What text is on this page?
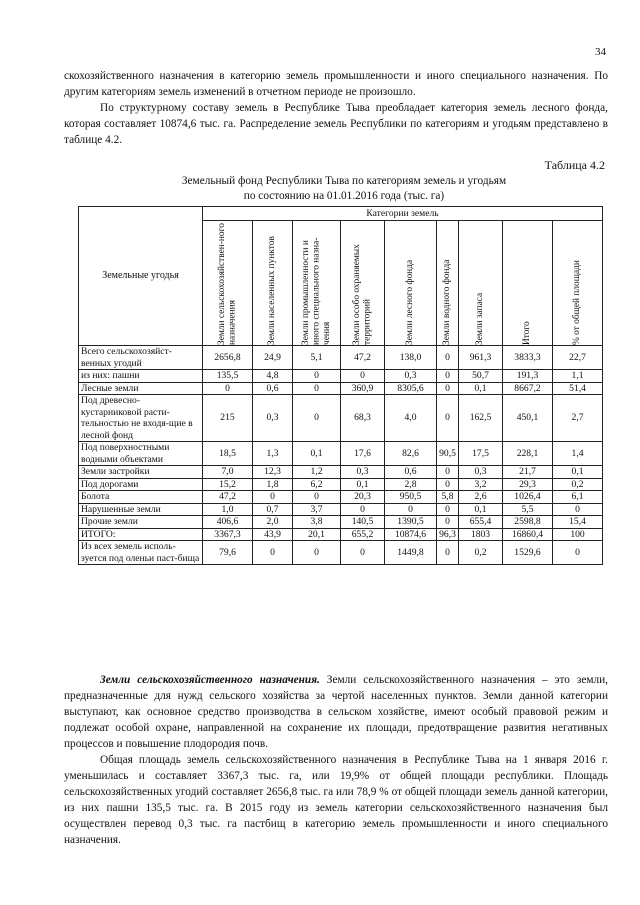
34

скохозяйственного назначения в категорию земель промышленности и иного специального назначения. По другим категориям земель изменений в отчетном периоде не произошло.

По структурному составу земель в Республике Тыва преобладает категория земель лесного фонда, которая составляет 10874,6 тыс. га. Распределение земель Республики по категориям и угодьям представлено в таблице 4.2.

Таблица 4.2
Земельный фонд Республики Тыва по категориям земель и угодьям
по состоянию на 01.01.2016 года (тыс. га)
Земельные угодья	Категории земель								

	Земли сельскохозяйствен-ного назначения	Земли населенных пунктов	Земли промышленности и иного специального назна-чения	Земли особо охраняемых территорий	Земли лесного фонда	Земли водного фонда	Земли запаса	Итого	% от общей площади

Всего сельскохозяйст-венных угодий	2656,8	24,9	5,1	47,2	138,0	0	961,3	3833,3	22,7
из них: пашни	135,5	4,8	0	0	0,3	0	50,7	191,3	1,1
Лесные земли	0	0,6	0	360,9	8305,6	0	0,1	8667,2	51,4
Под древесно-кустарниковой расти-тельностью не входя-щие в лесной фонд	215	0,3	0	68,3	4,0	0	162,5	450,1	2,7
Под поверхностными водными объектами	18,5	1,3	0,1	17,6	82,6	90,5	17,5	228,1	1,4
Земли застройки	7,0	12,3	1,2	0,3	0,6	0	0,3	21,7	0,1
Под дорогами	15,2	1,8	6,2	0,1	2,8	0	3,2	29,3	0,2
Болота	47,2	0	0	20,3	950,5	5,8	2,6	1026,4	6,1
Нарушенные земли	1,0	0,7	3,7	0	0	0	0,1	5,5	0
Прочие земли	406,6	2,0	3,8	140,5	1390,5	0	655,4	2598,8	15,4
ИТОГО:	3367,3	43,9	20,1	655,2	10874,6	96,3	1803	16860,4	100
Из всех земель исполь-зуется под оленьи паст-бища	79,6	0	0	0	1449,8	0	0,2	1529,6	0

Земли сельскохозяйственного назначения. Земли сельскохозяйственного назначения – это земли, предназначенные для нужд сельского хозяйства за чертой населенных пунктов. Земли данной категории выступают, как основное средство производства в сельском хозяйстве, имеют особый правовой режим и подлежат особой охране, направленной на сохранение их площади, предотвращение развития негативных процессов и повышение плодородия почв.

Общая площадь земель сельскохозяйственного назначения в Республике Тыва на 1 января 2016 г. уменьшилась и составляет 3367,3 тыс. га, или 19,9% от общей площади республики. Площадь сельскохозяйственных угодий составляет 2656,8 тыс. га или 78,9 % от общей площади земель данной категории, из них пашни 135,5 тыс. га. В 2015 году из земель категории сельскохозяйственного назначения был осуществлен перевод 0,3 тыс. га пастбищ в категорию земель промышленности и иного специального назначения.
